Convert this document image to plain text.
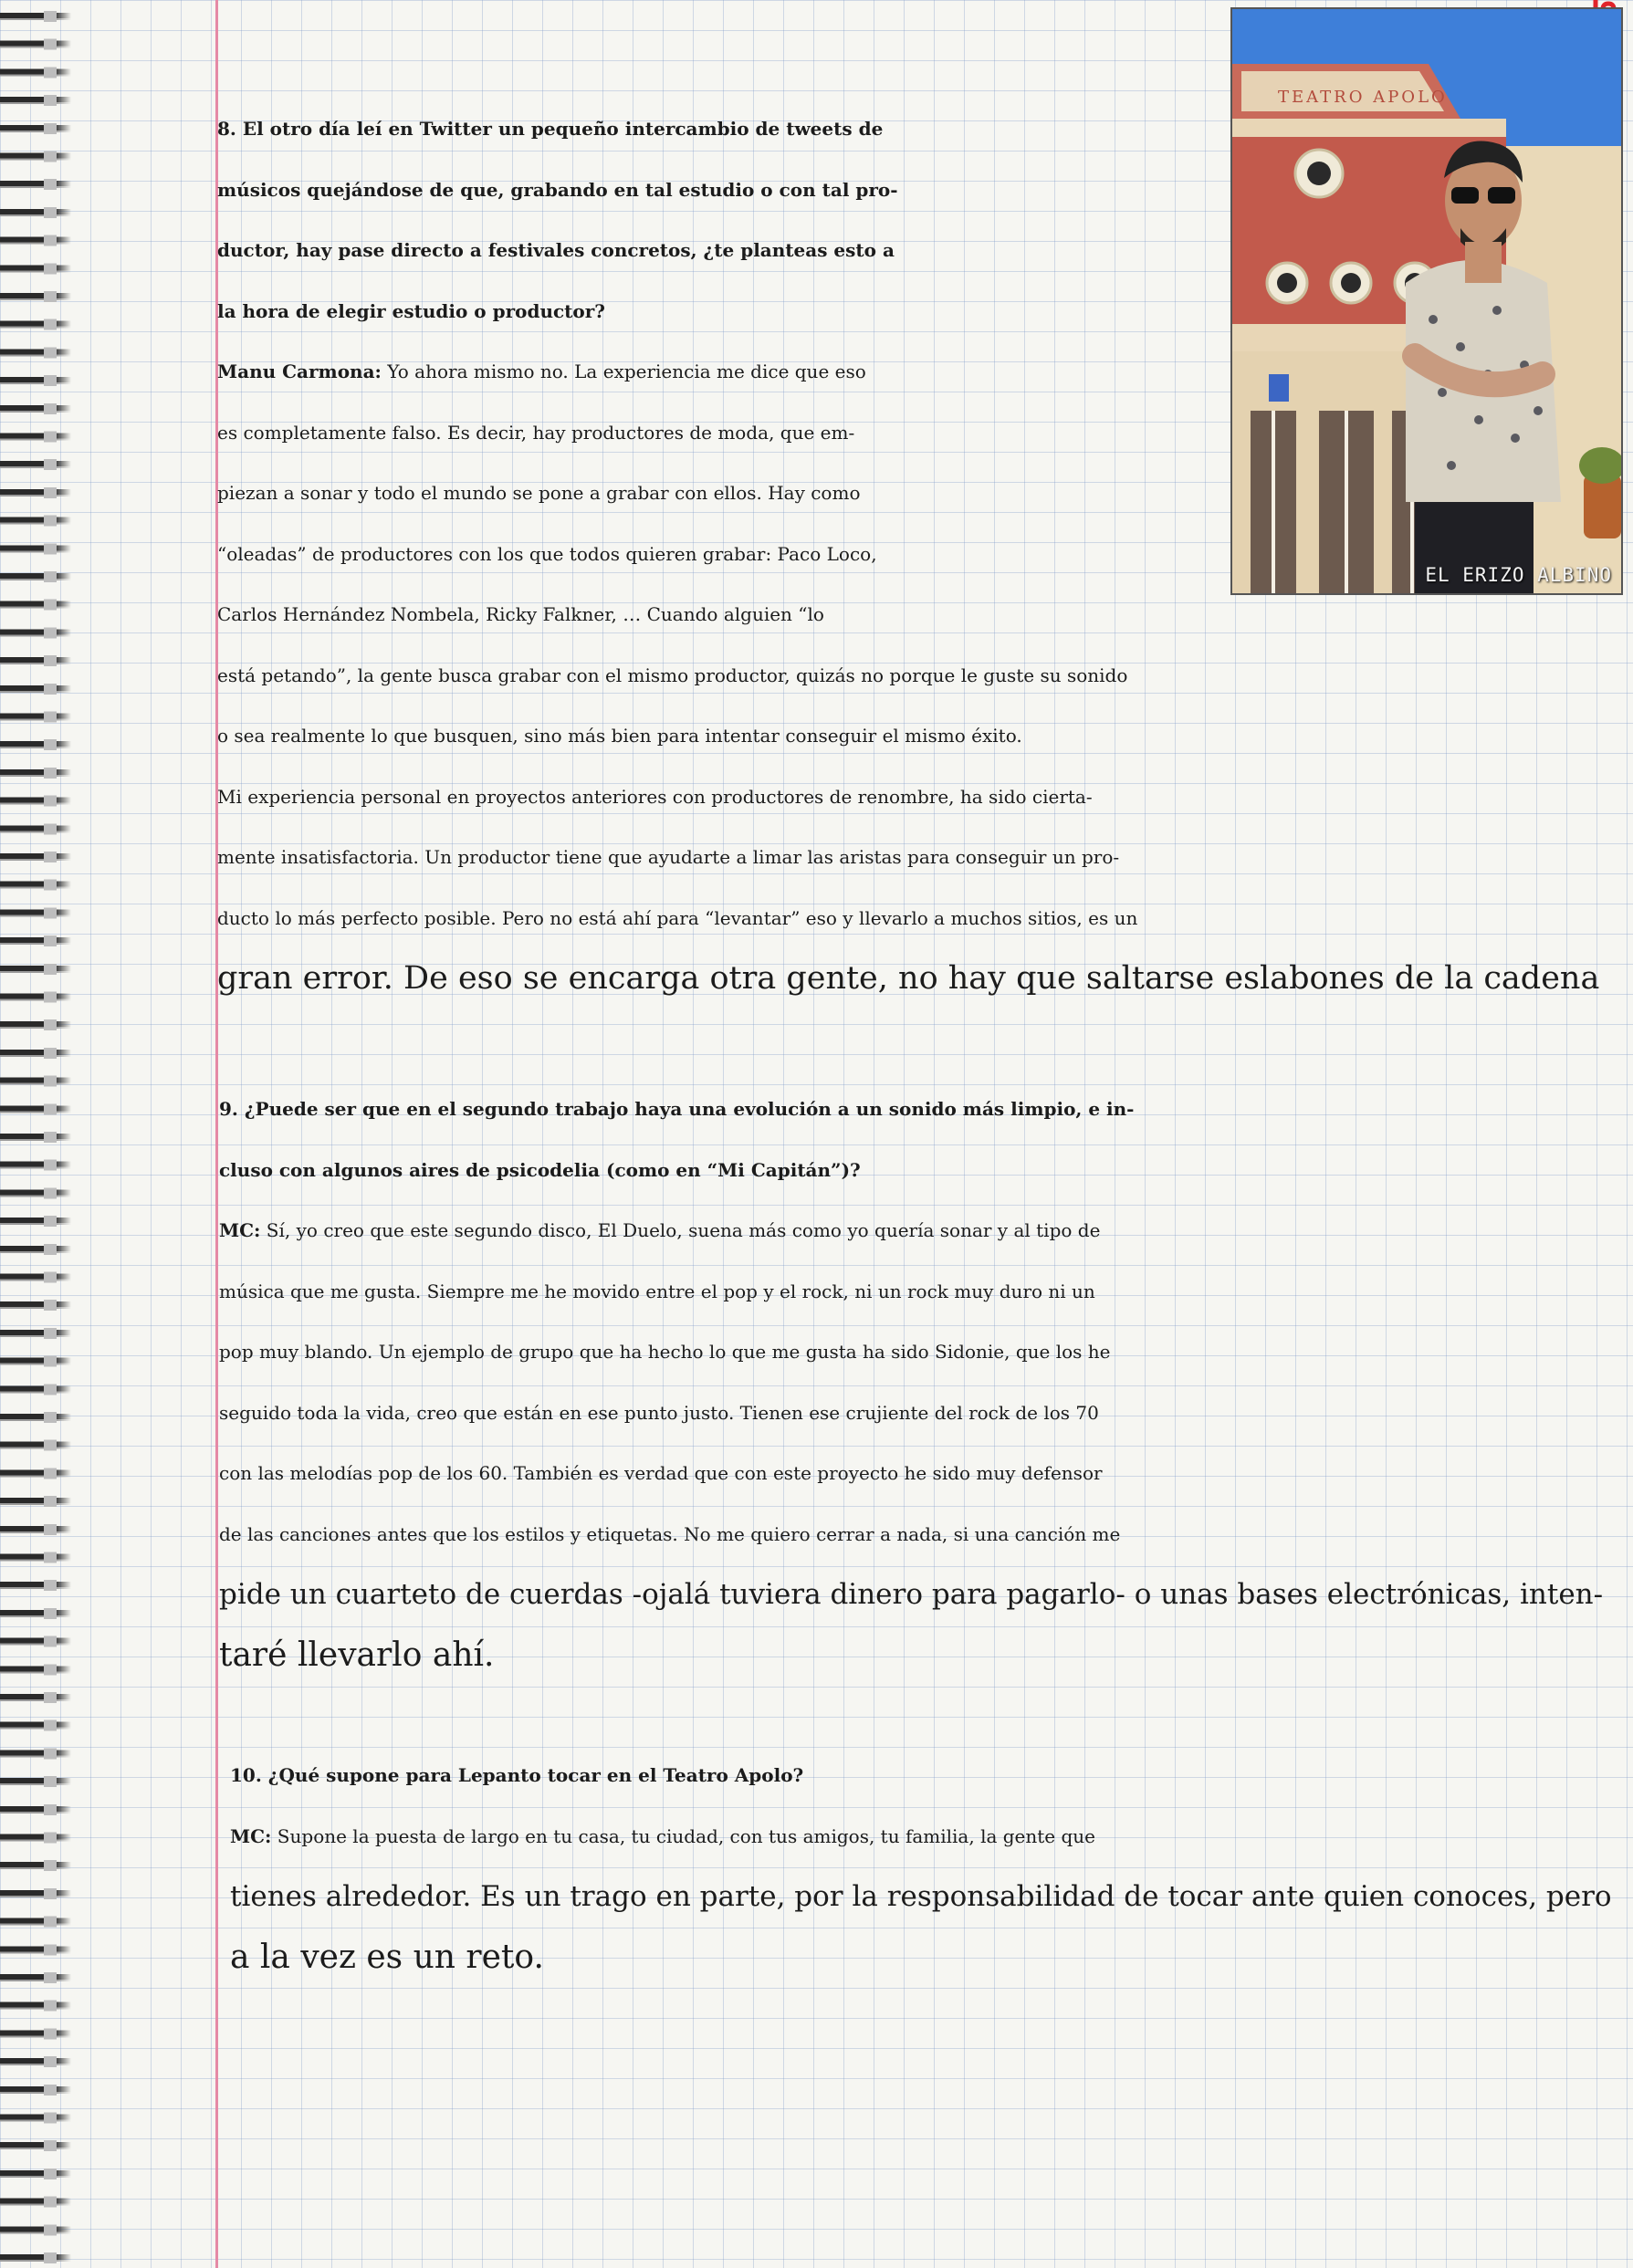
TEATRO APOLO
EL ERIZO ALBINO

8. El otro día leí en Twitter un pequeño intercambio de tweets de
músicos quejándose de que, grabando en tal estudio o con tal pro-
ductor, hay pase directo a festivales concretos, ¿te planteas esto a
la hora de elegir estudio o productor?

Manu Carmona: Yo ahora mismo no. La experiencia me dice que eso
es completamente falso. Es decir, hay productores de moda, que em-
piezan a sonar y todo el mundo se pone a grabar con ellos. Hay como
“oleadas” de productores con los que todos quieren grabar: Paco Loco,
Carlos Hernández Nombela, Ricky Falkner, … Cuando alguien “lo
está petando”, la gente busca grabar con el mismo productor, quizás no porque le guste su sonido
o sea realmente lo que busquen, sino más bien para intentar conseguir el mismo éxito.
Mi experiencia personal en proyectos anteriores con productores de renombre, ha sido cierta-
mente insatisfactoria. Un productor tiene que ayudarte a limar las aristas para conseguir un pro-
ducto lo más perfecto posible. Pero no está ahí para “levantar” eso y llevarlo a muchos sitios, es un
gran error. De eso se encarga otra gente, no hay que saltarse eslabones de la cadena

9. ¿Puede ser que en el segundo trabajo haya una evolución a un sonido más limpio, e in-
cluso con algunos aires de psicodelia (como en “Mi Capitán”)?

MC: Sí, yo creo que este segundo disco, El Duelo, suena más como yo quería sonar y al tipo de
música que me gusta. Siempre me he movido entre el pop y el rock, ni un rock muy duro ni un
pop muy blando. Un ejemplo de grupo que ha hecho lo que me gusta ha sido Sidonie, que los he
seguido toda la vida, creo que están en ese punto justo. Tienen ese crujiente del rock de los 70
con las melodías pop de los 60. También es verdad que con este proyecto he sido muy defensor
de las canciones antes que los estilos y etiquetas. No me quiero cerrar a nada, si una canción me
pide un cuarteto de cuerdas -ojalá tuviera dinero para pagarlo- o unas bases electrónicas, inten-
taré llevarlo ahí.

10. ¿Qué supone para Lepanto tocar en el Teatro Apolo?

MC: Supone la puesta de largo en tu casa, tu ciudad, con tus amigos, tu familia, la gente que
tienes alrededor. Es un trago en parte, por la responsabilidad de tocar ante quien conoces, pero
a la vez es un reto.
